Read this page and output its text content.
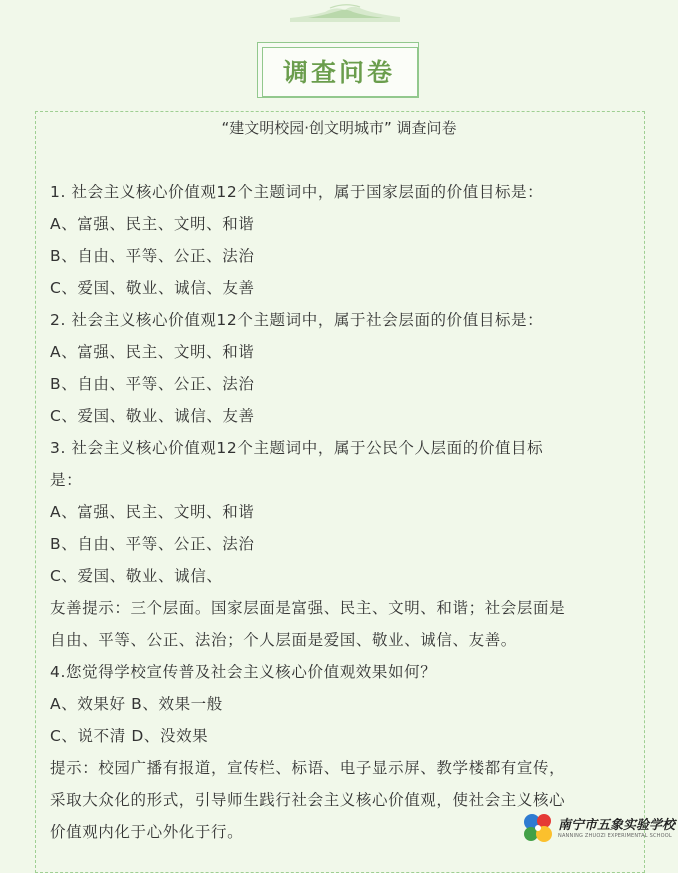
调查问卷
“建文明校园·创文明城市” 调查问卷
1. 社会主义核心价值观12个主题词中，属于国家层面的价值目标是：
A、富强、民主、文明、和谐
B、自由、平等、公正、法治
C、爱国、敬业、诚信、友善
2. 社会主义核心价值观12个主题词中，属于社会层面的价值目标是：
A、富强、民主、文明、和谐
B、自由、平等、公正、法治
C、爱国、敬业、诚信、友善
3. 社会主义核心价值观12个主题词中，属于公民个人层面的价值目标
是：
A、富强、民主、文明、和谐
B、自由、平等、公正、法治
C、爱国、敬业、诚信、
友善提示：三个层面。国家层面是富强、民主、文明、和谐；社会层面是
自由、平等、公正、法治；个人层面是爱国、敬业、诚信、友善。
4.您觉得学校宣传普及社会主义核心价值观效果如何？
A、效果好 B、效果一般
C、说不清 D、没效果
提示：校园广播有报道，宣传栏、标语、电子显示屏、教学楼都有宣传，
采取大众化的形式，引导师生践行社会主义核心价值观，使社会主义核心
价值观内化于心外化于行。	南宁市五象实验学校
NANNING ZHUOZI EXPERIMENTAL SCHOOL
